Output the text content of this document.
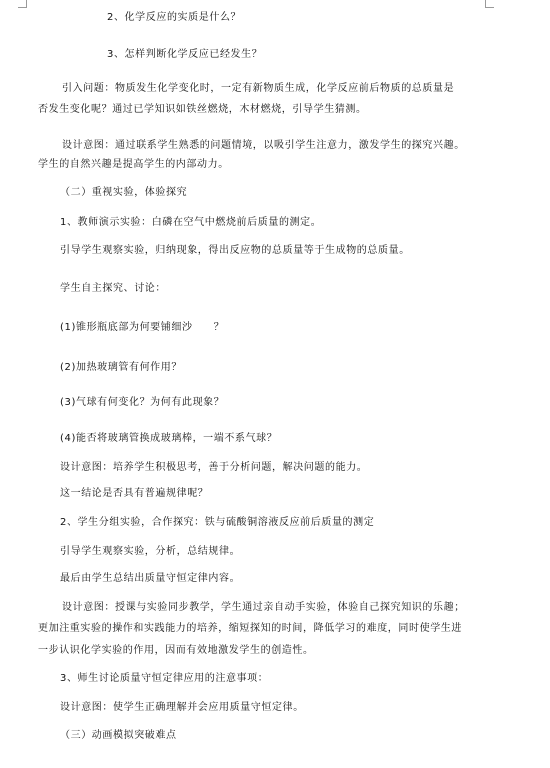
2、化学反应的实质是什么？
3、怎样判断化学反应已经发生？
引入问题：物质发生化学变化时，一定有新物质生成，化学反应前后物质的总质量是
否发生变化呢？通过已学知识如铁丝燃烧，木材燃烧，引导学生猜测。
设计意图：通过联系学生熟悉的问题情境，以吸引学生注意力，激发学生的探究兴趣。
学生的自然兴趣是提高学生的内部动力。
（二）重视实验，体验探究
1、教师演示实验：白磷在空气中燃烧前后质量的测定。
引导学生观察实验，归纳现象，得出反应物的总质量等于生成物的总质量。
学生自主探究、讨论：
(1)锥形瓶底部为何要铺细沙　　？
(2)加热玻璃管有何作用？
(3)气球有何变化？为何有此现象？
(4)能否将玻璃管换成玻璃棒，一端不系气球？
设计意图：培养学生积极思考，善于分析问题，解决问题的能力。
这一结论是否具有普遍规律呢？
2、学生分组实验，合作探究：铁与硫酸铜溶液反应前后质量的测定
引导学生观察实验，分析，总结规律。
最后由学生总结出质量守恒定律内容。
设计意图：授课与实验同步教学，学生通过亲自动手实验，体验自己探究知识的乐趣；
更加注重实验的操作和实践能力的培养，缩短探知的时间，降低学习的难度，同时使学生进
一步认识化学实验的作用，因而有效地激发学生的创造性。
3、师生讨论质量守恒定律应用的注意事项：
设计意图：使学生正确理解并会应用质量守恒定律。
（三）动画模拟突破难点
